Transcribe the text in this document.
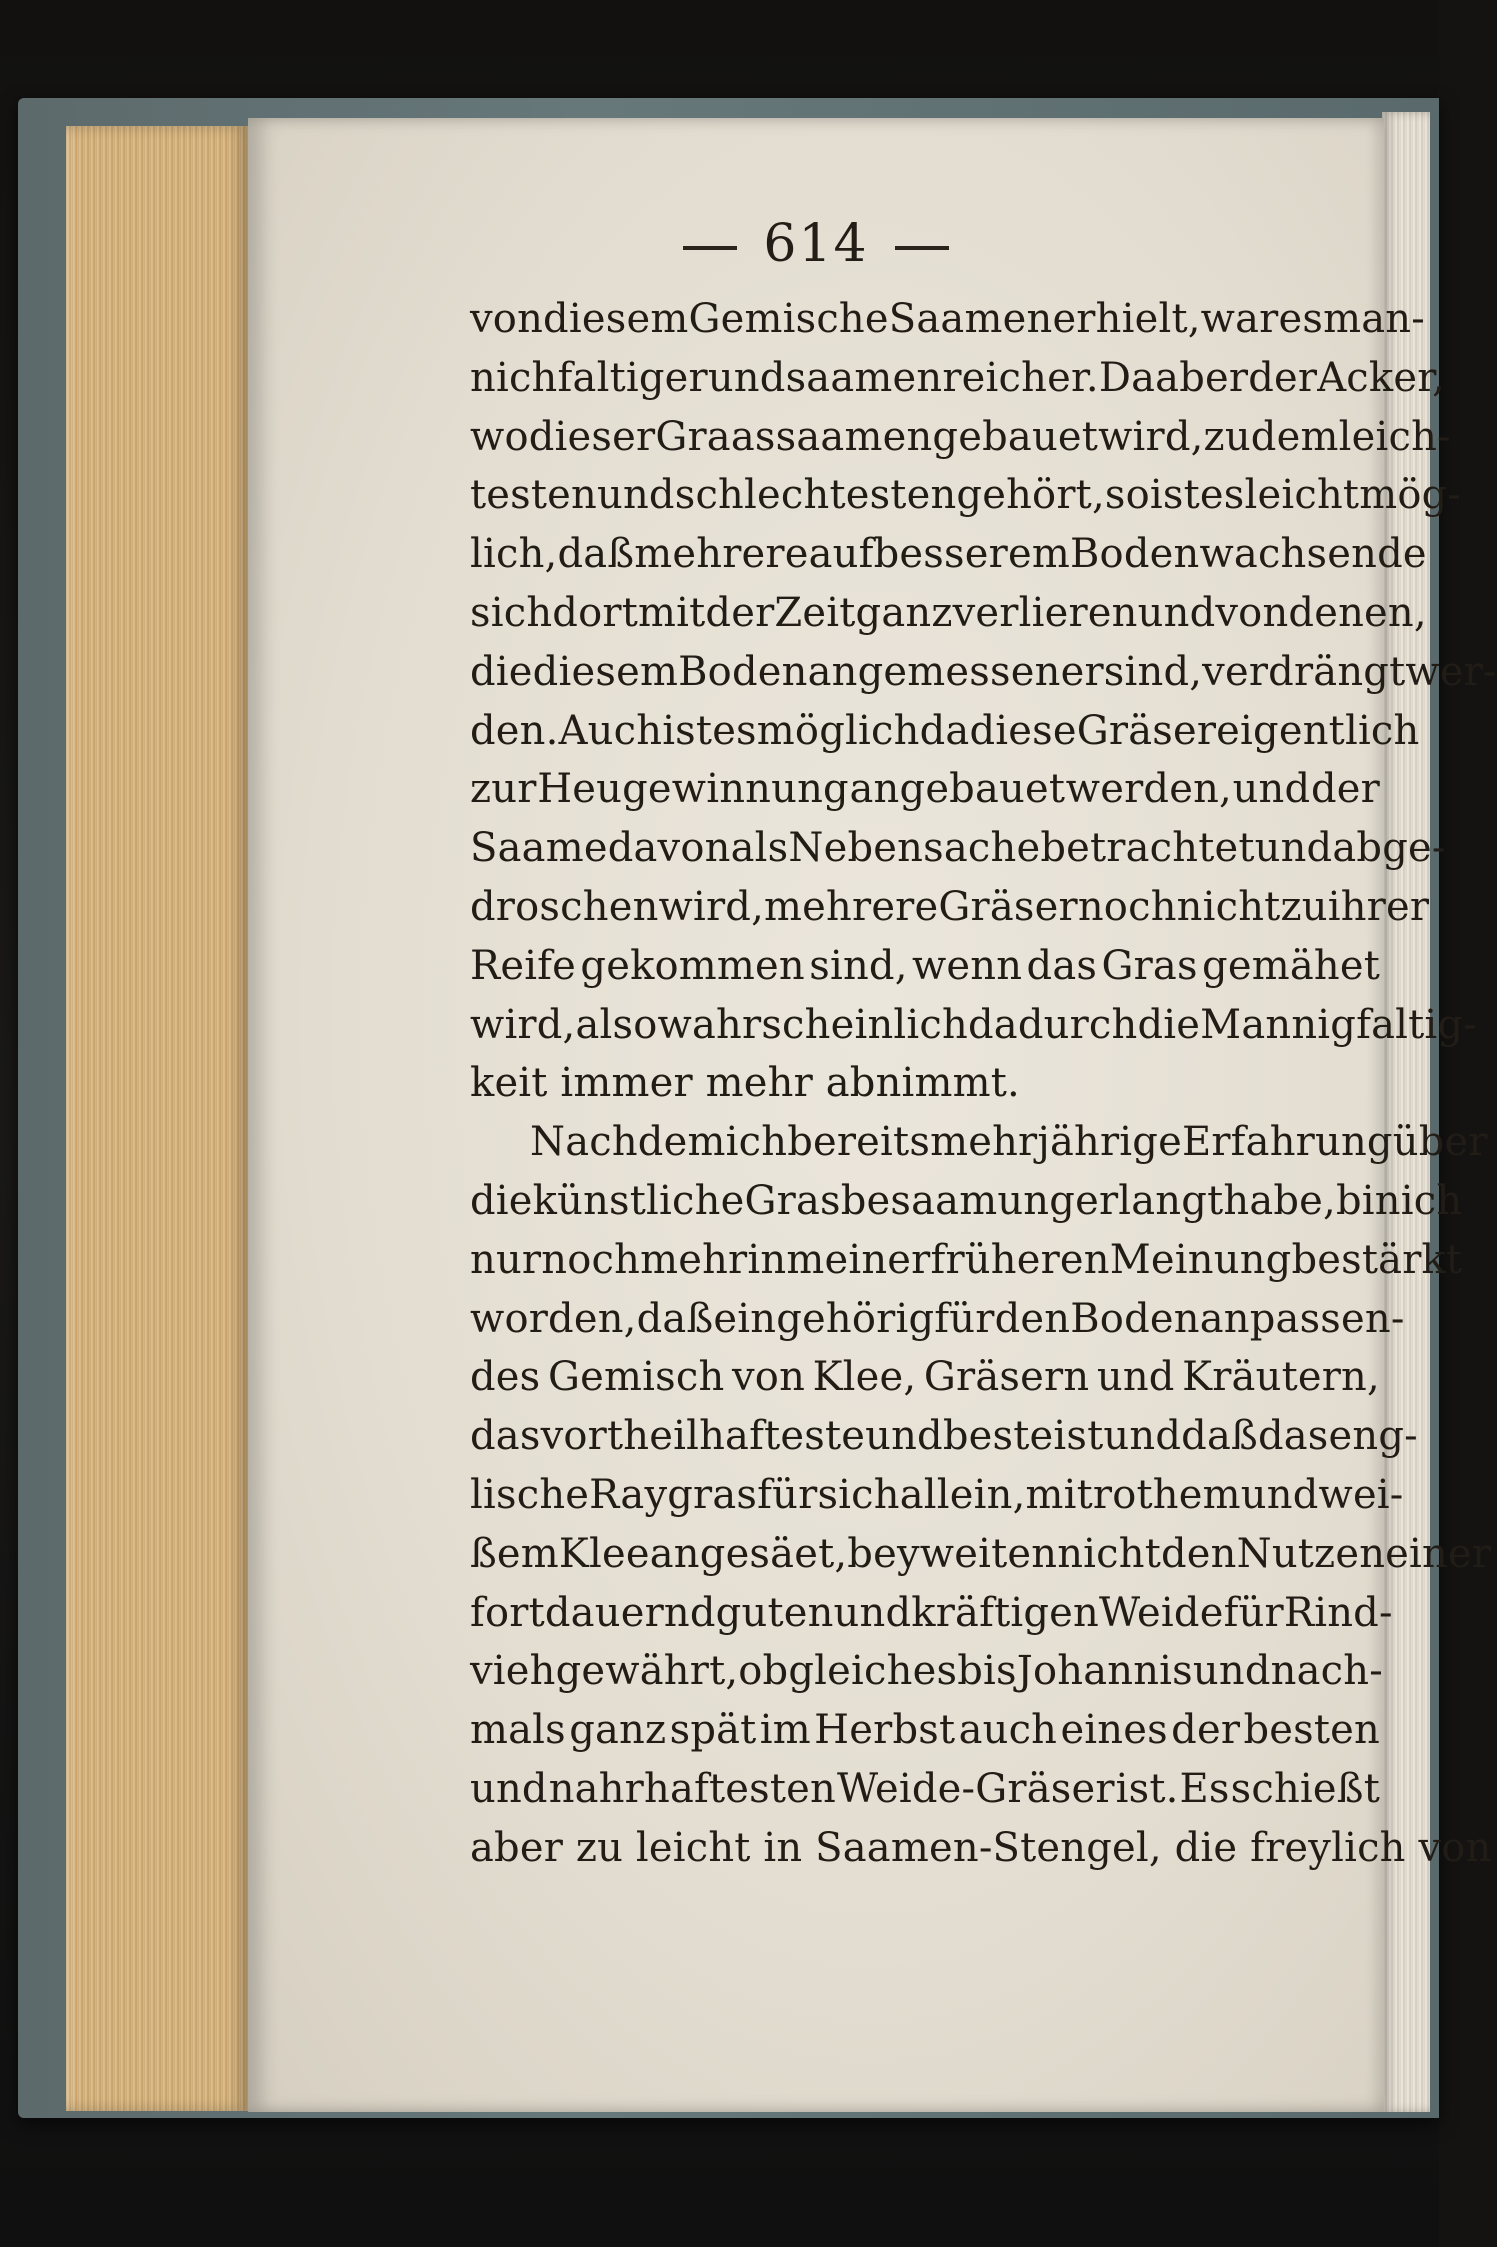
614

von diesem Gemische Saamen erhielt, war es man-
nichfaltiger und saamenreicher. Da aber der Acker,
wo dieser Graassaamen gebauet wird, zu dem leich-
testen und schlechtesten gehört, so ist es leicht mög-
lich, daß mehrere auf besserem Boden wachsende
sich dort mit der Zeit ganz verlieren und von denen,
die diesem Boden angemessener sind, verdrängt wer-
den. Auch ist es möglich da diese Gräser eigentlich
zur Heugewinnung angebauet werden, und der
Saame davon als Nebensache betrachtet und abge-
droschen wird, mehrere Gräser noch nicht zu ihrer
Reife gekommen sind, wenn das Gras gemähet
wird, also wahrscheinlich dadurch die Mannigfaltig-
keit immer mehr abnimmt.
Nachdem ich bereits mehrjährige Erfahrung über
die künstliche Grasbesaamung erlangt habe, bin ich
nur noch mehr in meiner früheren Meinung bestärkt
worden, daß ein gehörig für den Boden anpassen-
des Gemisch von Klee, Gräsern und Kräutern,
das vortheilhafteste und beste ist und daß das eng-
lische Raygras für sich allein, mit rothem und wei-
ßem Klee angesäet, bey weiten nicht den Nutzen einer
fortdauernd guten und kräftigen Weide für Rind-
vieh gewährt, obgleich es bis Johannis und nach-
mals ganz spät im Herbst auch eines der besten
und nahrhaftesten Weide-Gräser ist. Es schießt
aber zu leicht in Saamen-Stengel, die freylich von
